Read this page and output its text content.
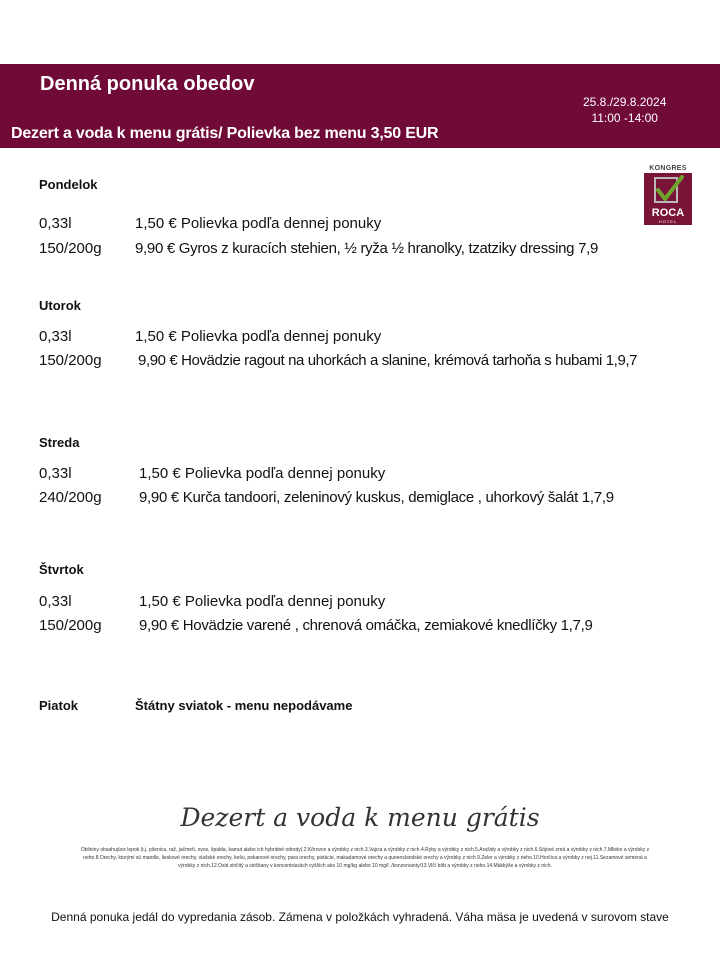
Denná ponuka obedov
25.8./29.8.2024
11:00 -14:00
Dezert a voda k menu grátis/ Polievka bez menu 3,50 EUR
KONGRES
ROCA
HOTEL
Pondelok
0,33l	1,50 € Polievka podľa dennej ponuky
150/200g 9,90 € Gyros z kuracích stehien, ½ ryža ½ hranolky, tzatziky dressing 7,9
Utorok
0,33l	1,50 € Polievka podľa dennej ponuky
150/200g 9,90 € Hovädzie ragout na uhorkách a slanine, krémová tarhoňa s hubami 1,9,7
Streda
0,33l	1,50 € Polievka podľa dennej ponuky
240/200g 9,90 € Kurča tandoori, zeleninový kuskus, demiglace , uhorkový šalát 1,7,9
Štvrtok
0,33l	1,50 € Polievka podľa dennej ponuky
150/200g 9,90 € Hovädzie varené , chrenová omáčka, zemiakové knedlíčky 1,7,9
Piatok	Štátny sviatok - menu nepodávame
Dezert a voda k menu grátis
Obilniny obsahujúce lepok (t.j. pšenica, raž, jačmeň, ovos, špalda, kamut alebo ich hybridné odrody).2.Kôrovce a výrobky z nich.3.Vajcia a výrobky z nich.4.Ryby a výrobky z nich.5.Arašidy a výrobky z nich.6.Sójové zrná a výrobky z nich.7.Mlieko a výrobky z neho.8.Orechy, ktorými sú mandle, lieskové orechy, vlašské orechy, kešu, pekanové orechy, para orechy, pistácie, makadamové orechy a queenslandské orechy a výrobky z nich.9.Zeler a výrobky z neho.10.Horčica a výrobky z nej.11.Sezamové semená a výrobky z nich.12.Oxid siričitý a siričitany v koncentráciách vyšších ako 10 mg/kg alebo 10 mg/l ./konzervanty/13.Vlčí bôb a výrobky z neho.14.Mäkkýše a výrobky z nich.
Denná ponuka jedál do vypredania zásob. Zámena v položkách vyhradená. Váha mäsa je uvedená v surovom stave
